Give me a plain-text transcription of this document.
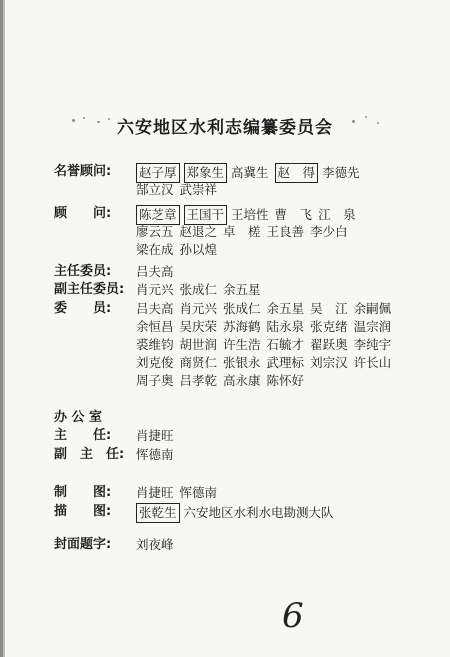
六安地区水利志编纂委员会
名誉顾问:	赵子厚 郑象生 高冀生 赵　得 李德先
郜立汉 武崇祥
顾　　问:	陈芝章 王国干 王培性 曹　飞 江　泉
廖云五 赵退之 卓　槎 王良善 李少白
梁在成 孙以煌
主任委员:	吕夫高
副主任委员: 肖元兴 张成仁 余五星
委　　员:	吕夫高 肖元兴 张成仁 余五星 吴　江 余嗣佩
余恒昌 吴庆荣 苏海鹤 陆永泉 张克绪 温宗润
裘维钧 胡世润 许生浩 石毓才 翟跃奥 李纯宇
刘克俊 商贤仁 张银永 武理标 刘宗汉 许长山
周子奥 吕孝乾 高永康 陈怀好
办 公 室
主　　任:	肖捷旺
副　主　任: 恽德南
制　　图:	肖捷旺 恽德南
描　　图:	张乾生 六安地区水利水电勘测大队
封面题字:	刘夜峰
6
